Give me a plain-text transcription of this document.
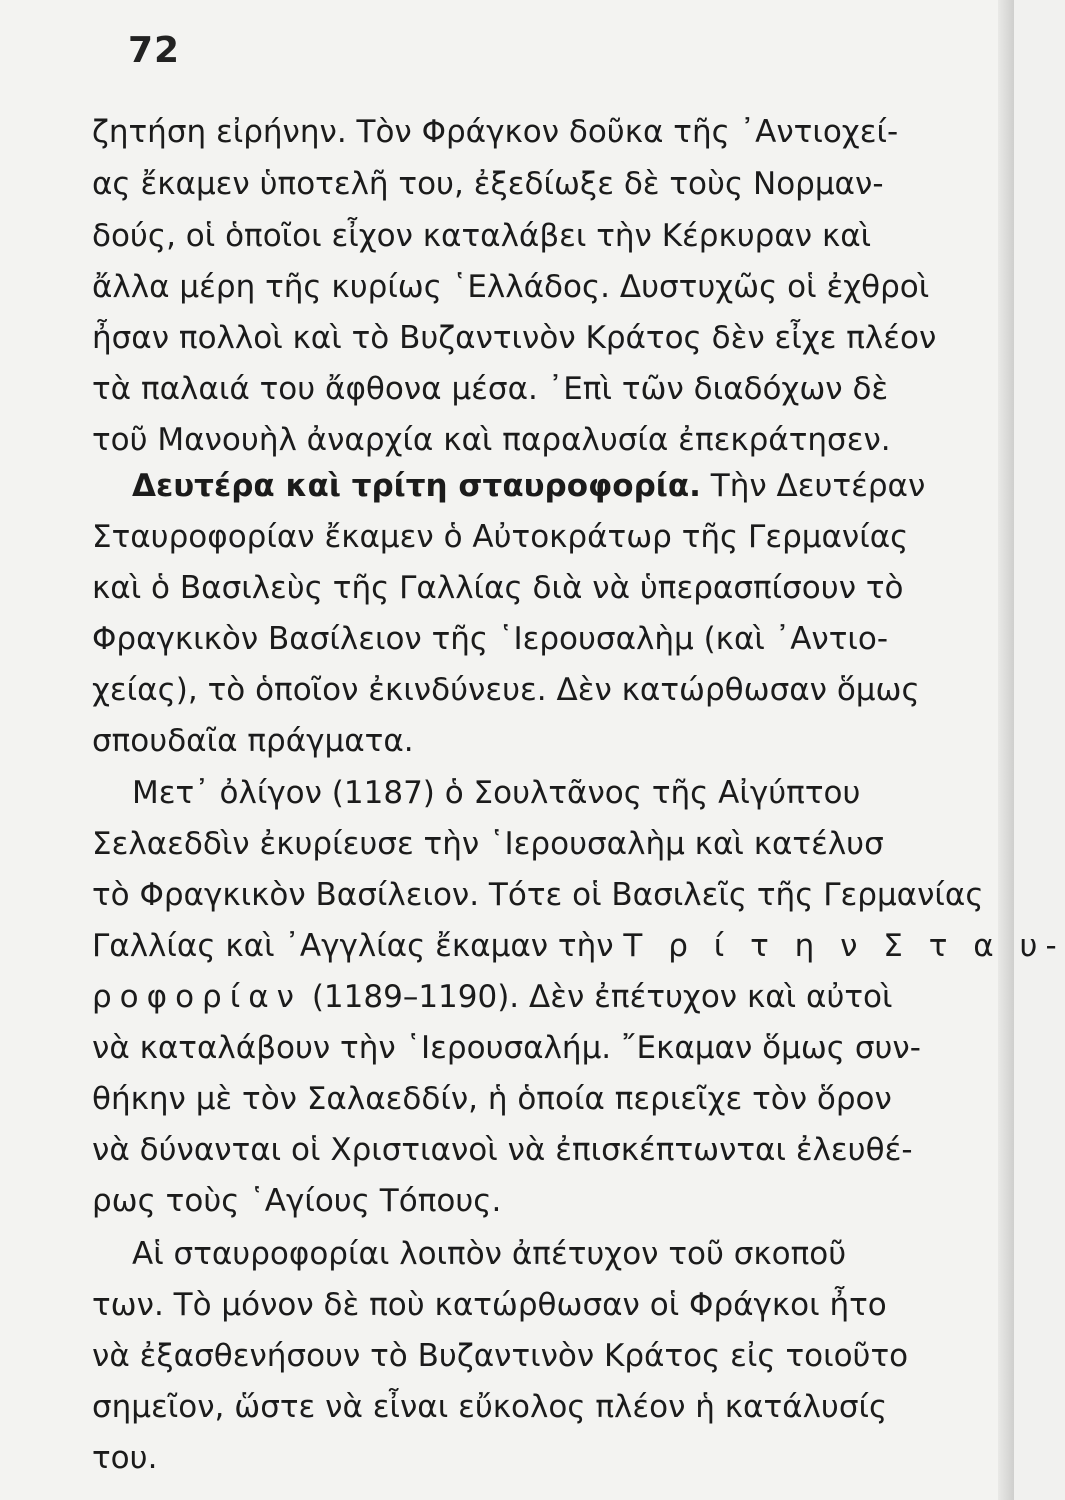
72
ζητήση εἰρήνην. Τὸν Φράγκον δοῦκα τῆς ᾿Αντιοχεί-
ας ἔκαμεν ὑποτελῆ του, ἐξεδίωξε δὲ τοὺς Νορμαν-
δούς, οἱ ὁποῖοι εἶχον καταλάβει τὴν Κέρκυραν καὶ
ἄλλα μέρη τῆς κυρίως ῾Ελλάδος. Δυστυχῶς οἱ ἐχθροὶ
ἦσαν πολλοὶ καὶ τὸ Βυζαντινὸν Κράτος δὲν εἶχε πλέον
τὰ παλαιά του ἄφθονα μέσα. ᾿Επὶ τῶν διαδόχων δὲ
τοῦ Μανουὴλ ἀναρχία καὶ παραλυσία ἐπεκράτησεν.
Δευτέρα καὶ τρίτη σταυροφορία. Τὴν Δευτέραν
Σταυροφορίαν ἔκαμεν ὁ Αὐτοκράτωρ τῆς Γερμανίας
καὶ ὁ Βασιλεὺς τῆς Γαλλίας διὰ νὰ ὑπερασπίσουν τὸ
Φραγκικὸν Βασίλειον τῆς ῾Ιερουσαλὴμ (καὶ ᾿Αντιο-
χείας), τὸ ὁποῖον ἐκινδύνευε. Δὲν κατώρθωσαν ὅμως
σπουδαῖα πράγματα.
Μετ᾿ ὀλίγον (1187) ὁ Σουλτᾶνος τῆς Αἰγύπτου
Σελαεδδὶν ἐκυρίευσε τὴν ῾Ιερουσαλὴμ καὶ κατέλυσ
τὸ Φραγκικὸν Βασίλειον. Τότε οἱ Βασιλεῖς τῆς Γερμανίας
Γαλλίας καὶ ᾿Αγγλίας ἔκαμαν τὴν Τ ρ ί τ η ν Σ τ α υ-
ροφορίαν (1189–1190). Δὲν ἐπέτυχον καὶ αὐτοὶ
νὰ καταλάβουν τὴν ῾Ιερουσαλήμ. ῎Εκαμαν ὅμως συν-
θήκην μὲ τὸν Σαλαεδδίν, ἡ ὁποία περιεῖχε τὸν ὅρον
νὰ δύνανται οἱ Χριστιανοὶ νὰ ἐπισκέπτωνται ἐλευθέ-
ρως τοὺς ῾Αγίους Τόπους.
Αἱ σταυροφορίαι λοιπὸν ἀπέτυχον τοῦ σκοποῦ
των. Τὸ μόνον δὲ ποὺ κατώρθωσαν οἱ Φράγκοι ἦτο
νὰ ἐξασθενήσουν τὸ Βυζαντινὸν Κράτος εἰς τοιοῦτο
σημεῖον, ὥστε νὰ εἶναι εὔκολος πλέον ἡ κατάλυσίς
του.
